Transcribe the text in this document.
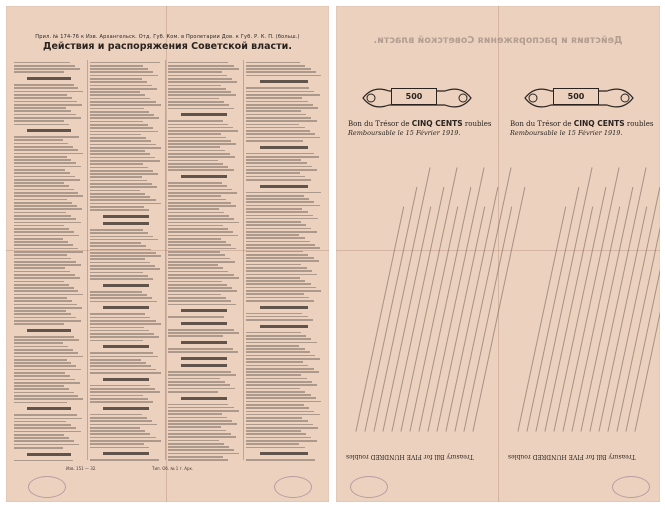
Прил. № 174-76 к Изв. Архангельск. Отд. Губ. Ком. в Пролетарии Дов. к Губ. Р. К. П. (больш.)
Действия и распоряжения Советской власти.
Изв. 151 — 32.	Тип. Об. № 1 г. Арх.
Действия и распоряжения Советской власти.
500
Bon du Trésor de CINQ CENTS roubles
Remboursable le 15 Février 1919.
Treasury Bill for FIVE HUNDRED roubles
500
Bon du Trésor de CINQ CENTS roubles
Remboursable le 15 Février 1919.
Treasury Bill for FIVE HUNDRED roubles
